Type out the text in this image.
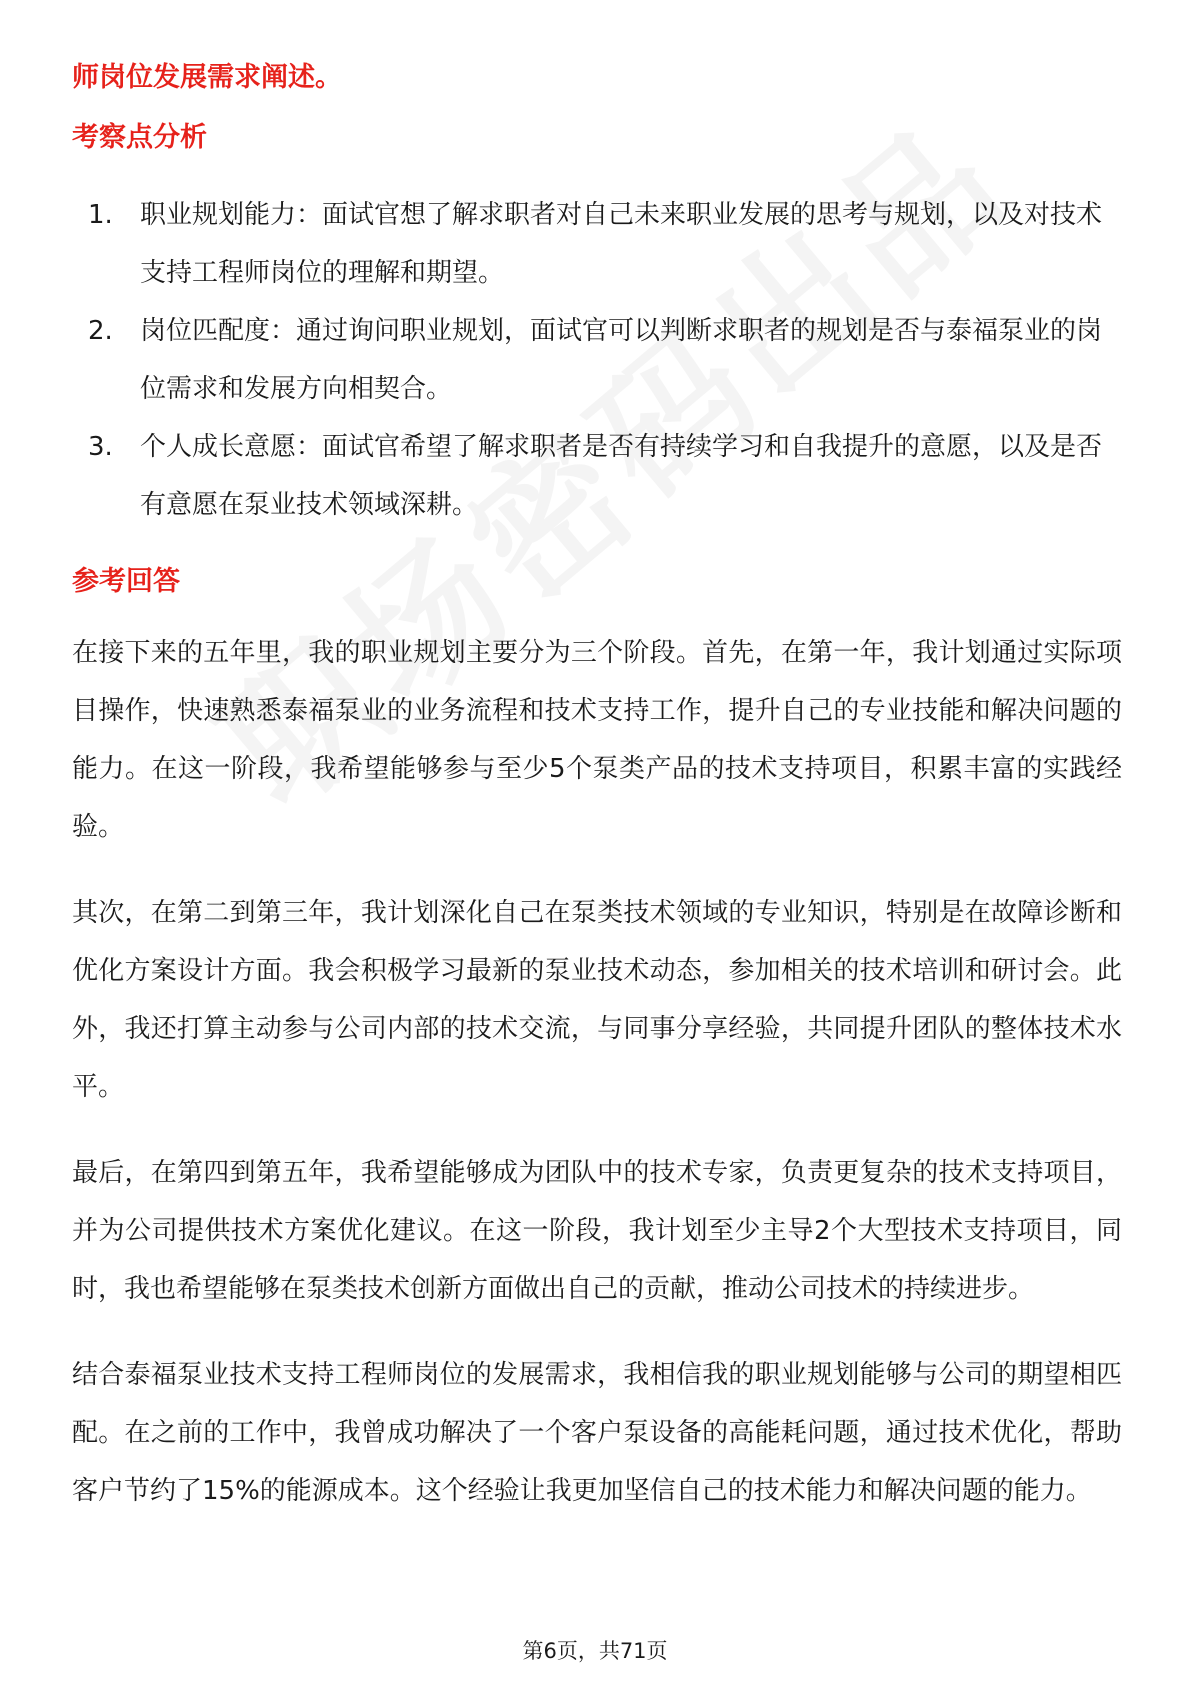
师岗位发展需求阐述。
考察点分析
1. 职业规划能力：面试官想了解求职者对自己未来职业发展的思考与规划，以及对技术支持工程师岗位的理解和期望。
2. 岗位匹配度：通过询问职业规划，面试官可以判断求职者的规划是否与泰福泵业的岗位需求和发展方向相契合。
3. 个人成长意愿：面试官希望了解求职者是否有持续学习和自我提升的意愿，以及是否有意愿在泵业技术领域深耕。
参考回答

在接下来的五年里，我的职业规划主要分为三个阶段。首先，在第一年，我计划通过实际项目操作，快速熟悉泰福泵业的业务流程和技术支持工作，提升自己的专业技能和解决问题的能力。在这一阶段，我希望能够参与至少5个泵类产品的技术支持项目，积累丰富的实践经验。

其次，在第二到第三年，我计划深化自己在泵类技术领域的专业知识，特别是在故障诊断和优化方案设计方面。我会积极学习最新的泵业技术动态，参加相关的技术培训和研讨会。此外，我还打算主动参与公司内部的技术交流，与同事分享经验，共同提升团队的整体技术水平。

最后，在第四到第五年，我希望能够成为团队中的技术专家，负责更复杂的技术支持项目，并为公司提供技术方案优化建议。在这一阶段，我计划至少主导2个大型技术支持项目，同时，我也希望能够在泵类技术创新方面做出自己的贡献，推动公司技术的持续进步。

结合泰福泵业技术支持工程师岗位的发展需求，我相信我的职业规划能够与公司的期望相匹配。在之前的工作中，我曾成功解决了一个客户泵设备的高能耗问题，通过技术优化，帮助客户节约了15%的能源成本。这个经验让我更加坚信自己的技术能力和解决问题的能力。

第6页，共71页
